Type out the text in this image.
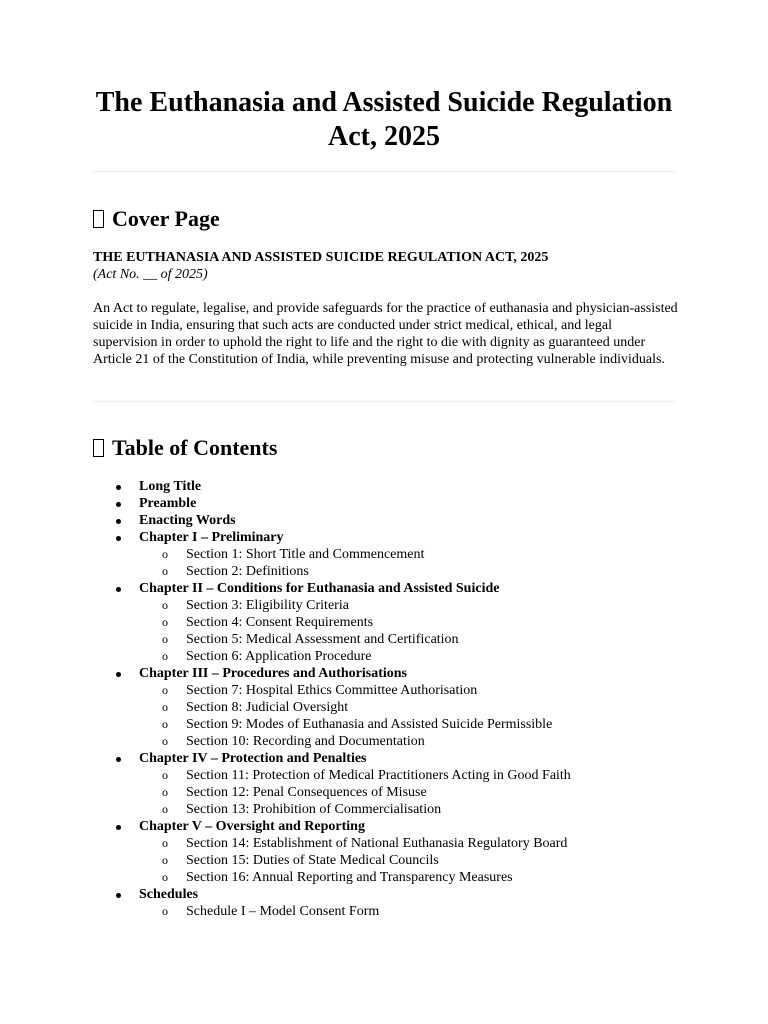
The Euthanasia and Assisted Suicide Regulation Act, 2025
Cover Page
THE EUTHANASIA AND ASSISTED SUICIDE REGULATION ACT, 2025
(Act No. __ of 2025)

An Act to regulate, legalise, and provide safeguards for the practice of euthanasia and physician-assisted suicide in India, ensuring that such acts are conducted under strict medical, ethical, and legal supervision in order to uphold the right to life and the right to die with dignity as guaranteed under Article 21 of the Constitution of India, while preventing misuse and protecting vulnerable individuals.

Table of Contents
Long Title
Preamble
Enacting Words
Chapter I – Preliminary
o Section 1: Short Title and Commencement
o Section 2: Definitions
Chapter II – Conditions for Euthanasia and Assisted Suicide
o Section 3: Eligibility Criteria
o Section 4: Consent Requirements
o Section 5: Medical Assessment and Certification
o Section 6: Application Procedure
Chapter III – Procedures and Authorisations
o Section 7: Hospital Ethics Committee Authorisation
o Section 8: Judicial Oversight
o Section 9: Modes of Euthanasia and Assisted Suicide Permissible
o Section 10: Recording and Documentation
Chapter IV – Protection and Penalties
o Section 11: Protection of Medical Practitioners Acting in Good Faith
o Section 12: Penal Consequences of Misuse
o Section 13: Prohibition of Commercialisation
Chapter V – Oversight and Reporting
o Section 14: Establishment of National Euthanasia Regulatory Board
o Section 15: Duties of State Medical Councils
o Section 16: Annual Reporting and Transparency Measures
Schedules
o Schedule I – Model Consent Form
